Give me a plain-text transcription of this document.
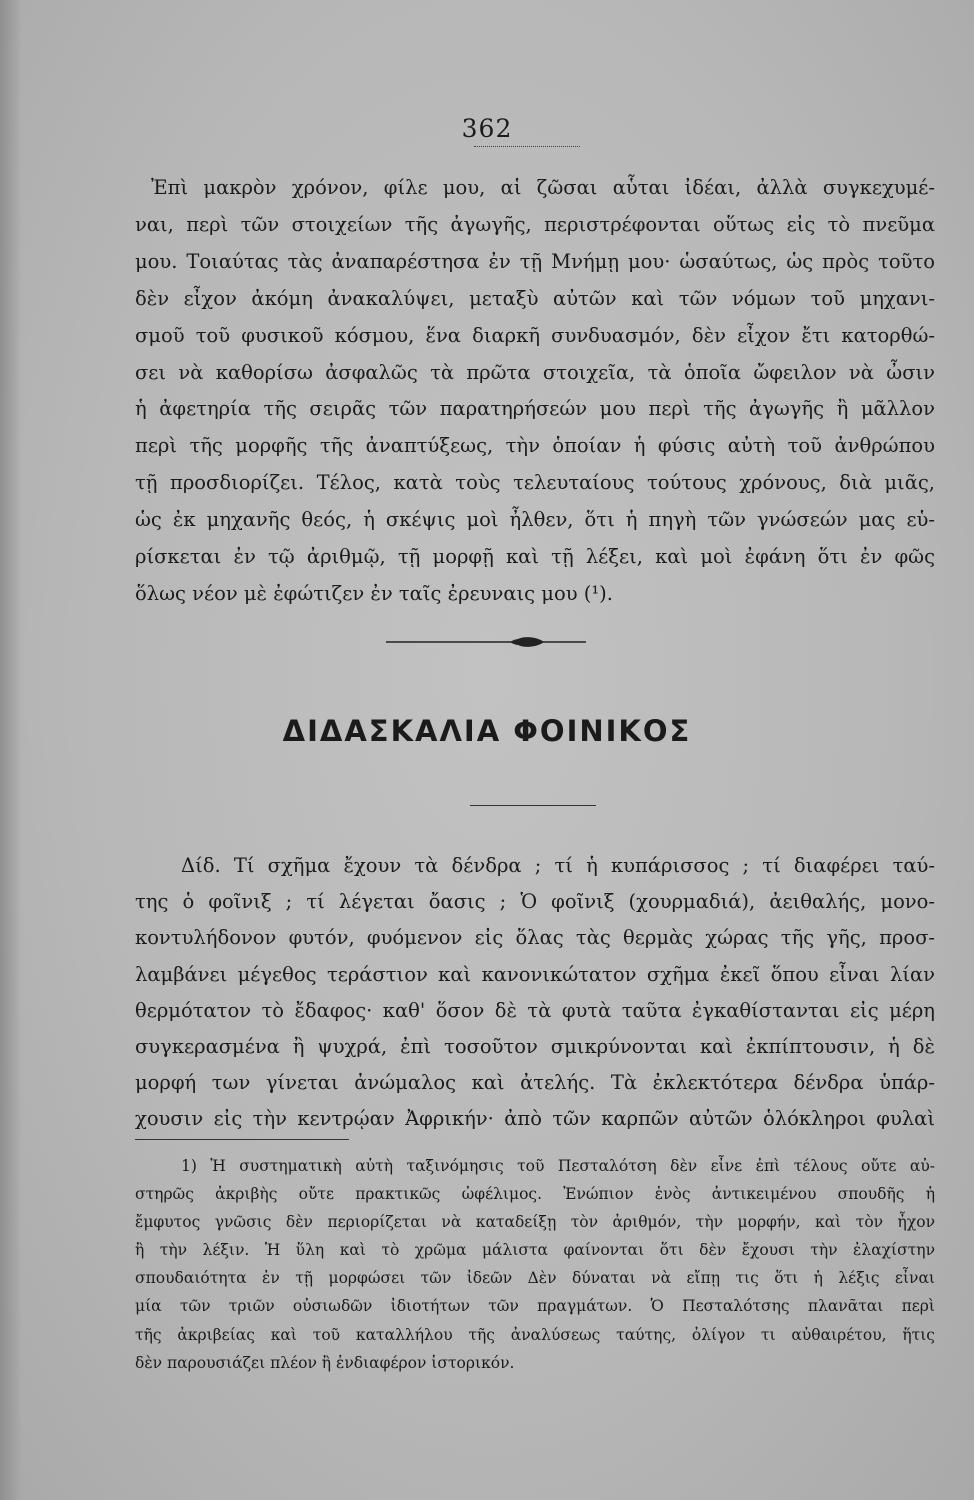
362
Ἐπὶ μακρὸν χρόνον, φίλε μου, αἱ ζῶσαι αὗται ἰδέαι, ἀλλὰ συγκεχυμέ-
ναι, περὶ τῶν στοιχείων τῆς ἀγωγῆς, περιστρέφονται οὕτως εἰς τὸ πνεῦμα
μου. Τοιαύτας τὰς ἀναπαρέστησα ἐν τῇ Μνήμῃ μου· ὡσαύτως, ὡς πρὸς τοῦτο
δὲν εἶχον ἀκόμη ἀνακαλύψει, μεταξὺ αὐτῶν καὶ τῶν νόμων τοῦ μηχανι-
σμοῦ τοῦ φυσικοῦ κόσμου, ἕνα διαρκῆ συνδυασμόν, δὲν εἶχον ἔτι κατορθώ-
σει νὰ καθορίσω ἀσφαλῶς τὰ πρῶτα στοιχεῖα, τὰ ὁποῖα ὤφειλον νὰ ὦσιν
ἡ ἀφετηρία τῆς σειρᾶς τῶν παρατηρήσεών μου περὶ τῆς ἀγωγῆς ἢ μᾶλλον
περὶ τῆς μορφῆς τῆς ἀναπτύξεως, τὴν ὁποίαν ἡ φύσις αὐτὴ τοῦ ἀνθρώπου
τῇ προσδιορίζει. Τέλος, κατὰ τοὺς τελευταίους τούτους χρόνους, διὰ μιᾶς,
ὡς ἐκ μηχανῆς θεός, ἡ σκέψις μοὶ ἦλθεν, ὅτι ἡ πηγὴ τῶν γνώσεών μας εὑ-
ρίσκεται ἐν τῷ ἀριθμῷ, τῇ μορφῇ καὶ τῇ λέξει, καὶ μοὶ ἐφάνη ὅτι ἐν φῶς
ὅλως νέον μὲ ἐφώτιζεν ἐν ταῖς ἐρευναις μου (¹).
ΔΙΔΑΣΚΑΛΙΑ ΦΟΙΝΙΚΟΣ
Δίδ. Τί σχῆμα ἔχουν τὰ δένδρα ; τί ἡ κυπάρισσος ; τί διαφέρει ταύ-
της ὁ φοῖνιξ ; τί λέγεται ὄασις ; Ὁ φοῖνιξ (χουρμαδιά), ἀειθαλής, μονο-
κοντυλήδονον φυτόν, φυόμενον εἰς ὅλας τὰς θερμὰς χώρας τῆς γῆς, προσ-
λαμβάνει μέγεθος τεράστιον καὶ κανονικώτατον σχῆμα ἐκεῖ ὅπου εἶναι λίαν
θερμότατον τὸ ἔδαφος· καθ' ὅσον δὲ τὰ φυτὰ ταῦτα ἐγκαθίστανται εἰς μέρη
συγκερασμένα ἢ ψυχρά, ἐπὶ τοσοῦτον σμικρύνονται καὶ ἐκπίπτουσιν, ἡ δὲ
μορφή των γίνεται ἀνώμαλος καὶ ἀτελής. Τὰ ἐκλεκτότερα δένδρα ὑπάρ-
χουσιν εἰς τὴν κεντρῴαν Ἀφρικήν· ἀπὸ τῶν καρπῶν αὐτῶν ὁλόκληροι φυλαὶ
1) Ἡ συστηματικὴ αὐτὴ ταξινόμησις τοῦ Πεσταλότση δὲν εἶνε ἐπὶ τέλους οὔτε αὐ-
στηρῶς ἀκριβὴς οὔτε πρακτικῶς ὠφέλιμος. Ἐνώπιον ἑνὸς ἀντικειμένου σπουδῆς ἡ
ἔμφυτος γνῶσις δὲν περιορίζεται νὰ καταδείξῃ τὸν ἀριθμόν, τὴν μορφήν, καὶ τὸν ἦχον
ἢ τὴν λέξιν. Ἡ ὕλη καὶ τὸ χρῶμα μάλιστα φαίνονται ὅτι δὲν ἔχουσι τὴν ἐλαχίστην
σπουδαιότητα ἐν τῇ μορφώσει τῶν ἰδεῶν Δὲν δύναται νὰ εἴπῃ τις ὅτι ἡ λέξις εἶναι
μία τῶν τριῶν οὐσιωδῶν ἰδιοτήτων τῶν πραγμάτων. Ὁ Πεσταλότσης πλανᾶται περὶ
τῆς ἀκριβείας καὶ τοῦ καταλλήλου τῆς ἀναλύσεως ταύτης, ὀλίγον τι αὐθαιρέτου, ἥτις
δὲν παρουσιάζει πλέον ἢ ἐνδιαφέρον ἱστορικόν.
